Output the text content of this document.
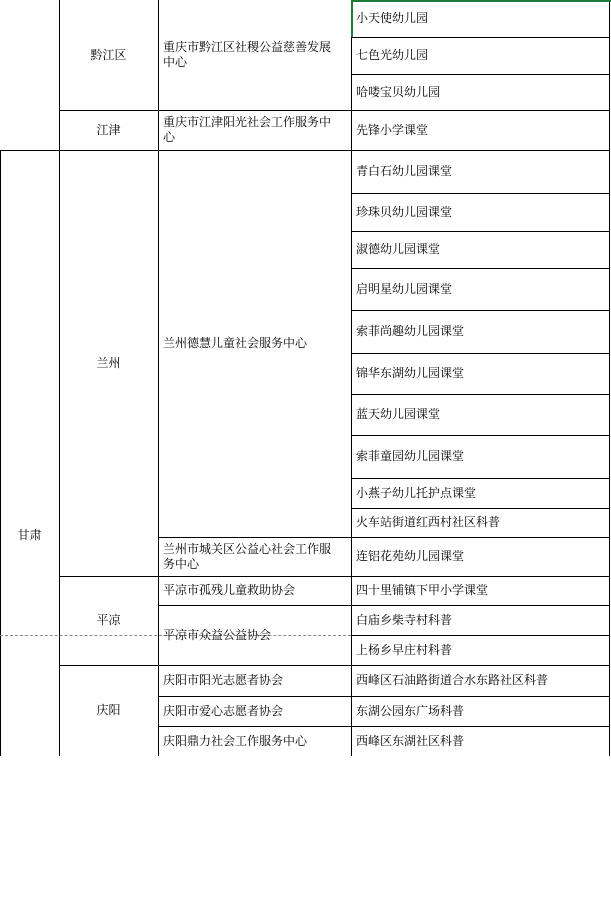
甘肃
黔江区
江津
兰州
平凉
庆阳
重庆市黔江区社稷公益慈善发展
中心
重庆市江津阳光社会工作服务中
心
兰州德慧儿童社会服务中心
兰州市城关区公益心社会工作服
务中心
平凉市孤残儿童救助协会
平凉市众益公益协会
庆阳市阳光志愿者协会
庆阳市爱心志愿者协会
庆阳鼎力社会工作服务中心
小天使幼儿园
七色光幼儿园
哈喽宝贝幼儿园
先锋小学课堂
青白石幼儿园课堂
珍珠贝幼儿园课堂
淑德幼儿园课堂
启明星幼儿园课堂
索菲尚趣幼儿园课堂
锦华东湖幼儿园课堂
蓝天幼儿园课堂
索菲童园幼儿园课堂
小燕子幼儿托护点课堂
火车站街道红西村社区科普
连铝花苑幼儿园课堂
四十里铺镇下甲小学课堂
白庙乡柴寺村科普
上杨乡早庄村科普
西峰区石油路街道合水东路社区科普
东湖公园东广场科普
西峰区东湖社区科普
